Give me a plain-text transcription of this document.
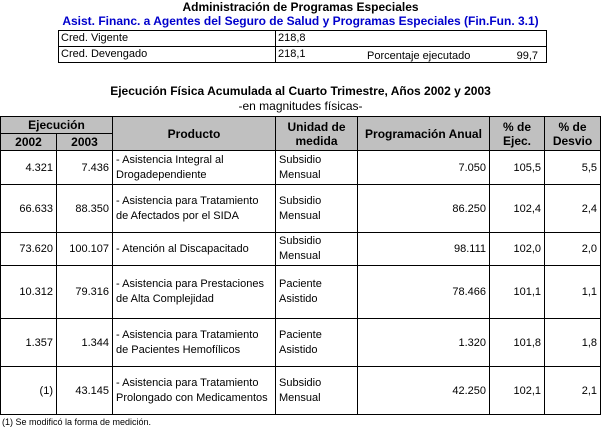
Administración de Programas Especiales
Asist. Financ. a Agentes del Seguro de Salud y Programas Especiales (Fin.Fun. 3.1)
Cred. Vigente	218,8
Cred. Devengado	218,1	Porcentaje ejecutado	99,7
Ejecución Física Acumulada al Cuarto Trimestre, Años 2002 y 2003
-en magnitudes físicas-
Ejecución		Producto	Unidad de medida	Programación Anual	% de Ejec.	% de Desvio
2002	2003					
4.321	7.436	- Asistencia Integral al Drogadependiente	Subsidio Mensual	7.050	105,5	5,5
66.633	88.350	- Asistencia para Tratamiento de Afectados por el SIDA	Subsidio Mensual	86.250	102,4	2,4
73.620	100.107	- Atención al Discapacitado	Subsidio Mensual	98.111	102,0	2,0
10.312	79.316	- Asistencia para Prestaciones de Alta Complejidad	Paciente Asistido	78.466	101,1	1,1
1.357	1.344	- Asistencia para Tratamiento de Pacientes Hemofílicos	Paciente Asistido	1.320	101,8	1,8
(1)	43.145	- Asistencia para Tratamiento Prolongado con Medicamentos	Subsidio Mensual	42.250	102,1	2,1
(1) Se modificó la forma de medición.
